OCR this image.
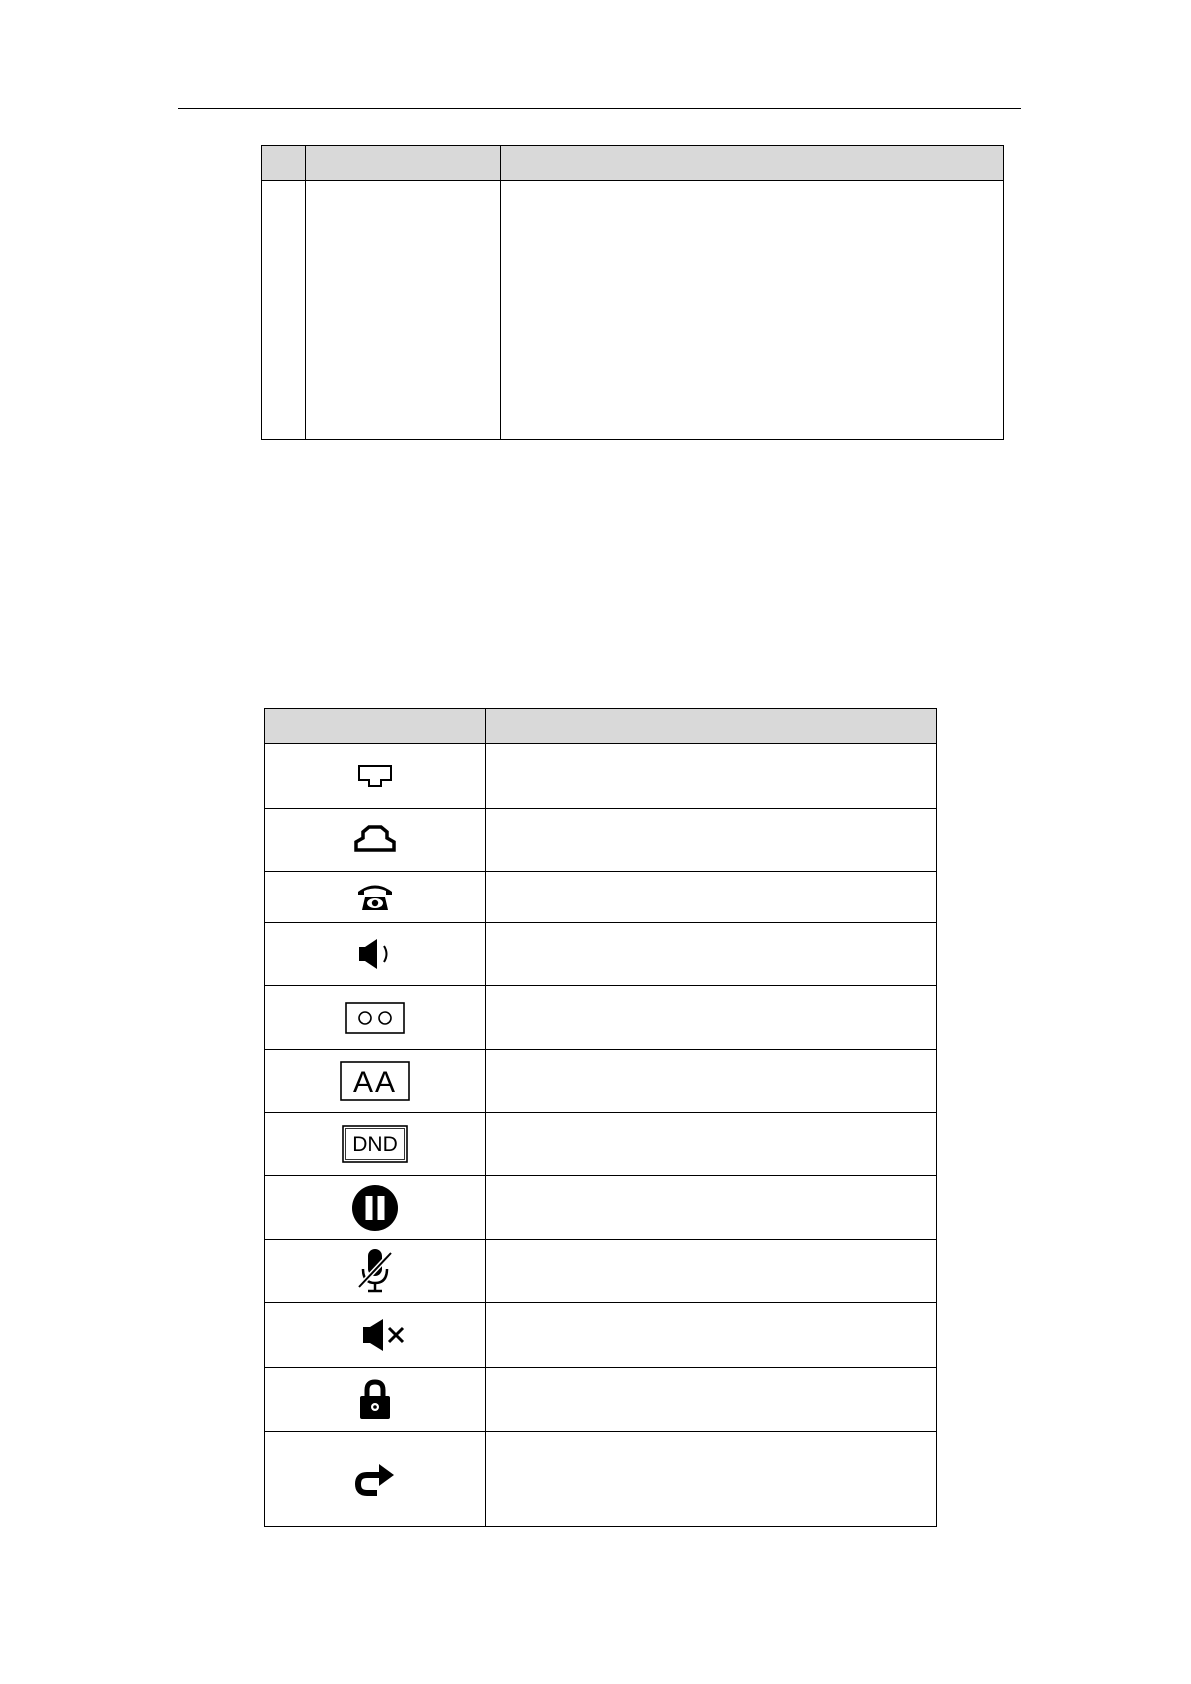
AA	

DND	
